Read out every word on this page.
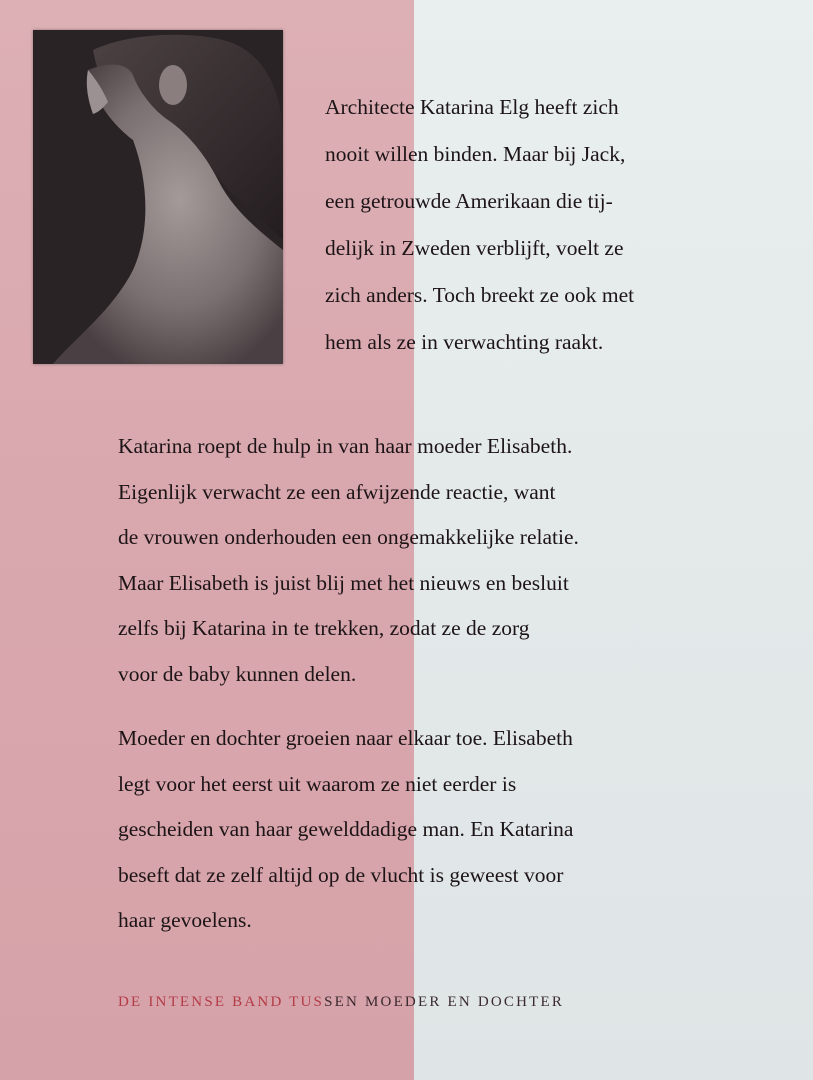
Architecte Katarina Elg heeft zich
nooit willen binden. Maar bij Jack,
een getrouwde Amerikaan die tij-
delijk in Zweden verblijft, voelt ze
zich anders. Toch breekt ze ook met
hem als ze in verwachting raakt.
Katarina roept de hulp in van haar moeder Elisabeth.
Eigenlijk verwacht ze een afwijzende reactie, want
de vrouwen onderhouden een ongemakkelijke relatie.
Maar Elisabeth is juist blij met het nieuws en besluit
zelfs bij Katarina in te trekken, zodat ze de zorg
voor de baby kunnen delen.
Moeder en dochter groeien naar elkaar toe. Elisabeth
legt voor het eerst uit waarom ze niet eerder is
gescheiden van haar gewelddadige man. En Katarina
beseft dat ze zelf altijd op de vlucht is geweest voor
haar gevoelens.
DE INTENSE BAND TUSSEN MOEDER EN DOCHTER
